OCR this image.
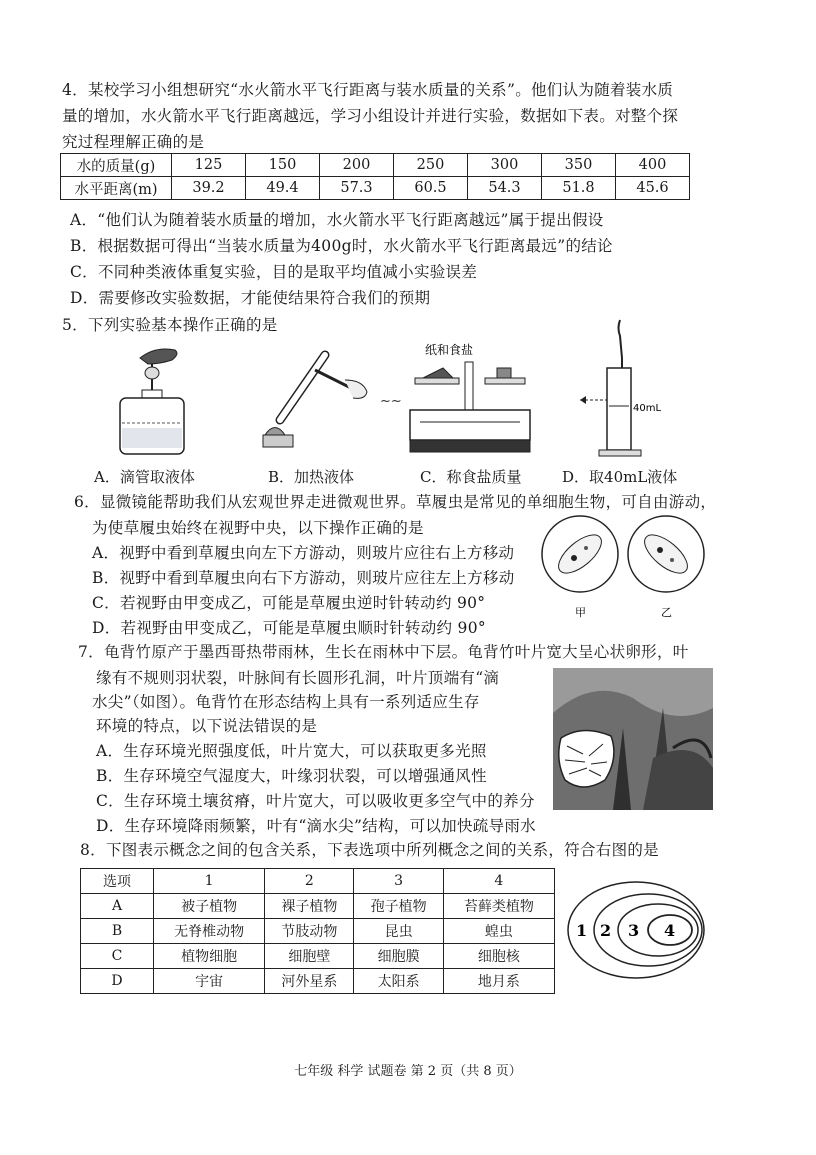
4．某校学习小组想研究“水火箭水平飞行距离与装水质量的关系”。他们认为随着装水质
量的增加，水火箭水平飞行距离越远，学习小组设计并进行实验，数据如下表。对整个探
究过程理解正确的是
水的质量(g)	125	150	200	250	300	350	400
水平距离(m)	39.2	49.4	57.3	60.5	54.3	51.8	45.6
A．“他们认为随着装水质量的增加，水火箭水平飞行距离越远”属于提出假设
B．根据数据可得出“当装水质量为400g时，水火箭水平飞行距离最远”的结论
C．不同种类液体重复实验，目的是取平均值减小实验误差
D．需要修改实验数据，才能使结果符合我们的预期
5．下列实验基本操作正确的是
~~
纸和食盐
40mL
A．滴管取液体	B．加热液体	C．称食盐质量	D．取40mL液体
6．显微镜能帮助我们从宏观世界走进微观世界。草履虫是常见的单细胞生物，可自由游动，
为使草履虫始终在视野中央，以下操作正确的是
A．视野中看到草履虫向左下方游动，则玻片应往右上方移动
B．视野中看到草履虫向右下方游动，则玻片应往左上方移动
C．若视野由甲变成乙，可能是草履虫逆时针转动约 90°
D．若视野由甲变成乙，可能是草履虫顺时针转动约 90°
甲	乙
7．龟背竹原产于墨西哥热带雨林，生长在雨林中下层。龟背竹叶片宽大呈心状卵形，叶
缘有不规则羽状裂，叶脉间有长圆形孔洞，叶片顶端有“滴
水尖”（如图）。龟背竹在形态结构上具有一系列适应生存
环境的特点，以下说法错误的是
A．生存环境光照强度低，叶片宽大，可以获取更多光照
B．生存环境空气湿度大，叶缘羽状裂，可以增强通风性
C．生存环境土壤贫瘠，叶片宽大，可以吸收更多空气中的养分
D．生存环境降雨频繁，叶有“滴水尖”结构，可以加快疏导雨水
8．下图表示概念之间的包含关系，下表选项中所列概念之间的关系，符合右图的是
选项	1	2	3	4
A	被子植物	裸子植物	孢子植物	苔藓类植物
B	无脊椎动物	节肢动物	昆虫	蝗虫
C	植物细胞	细胞壁	细胞膜	细胞核
D	宇宙	河外星系	太阳系	地月系
1 2 3 4
七年级 科学 试题卷 第 2 页（共 8 页）
